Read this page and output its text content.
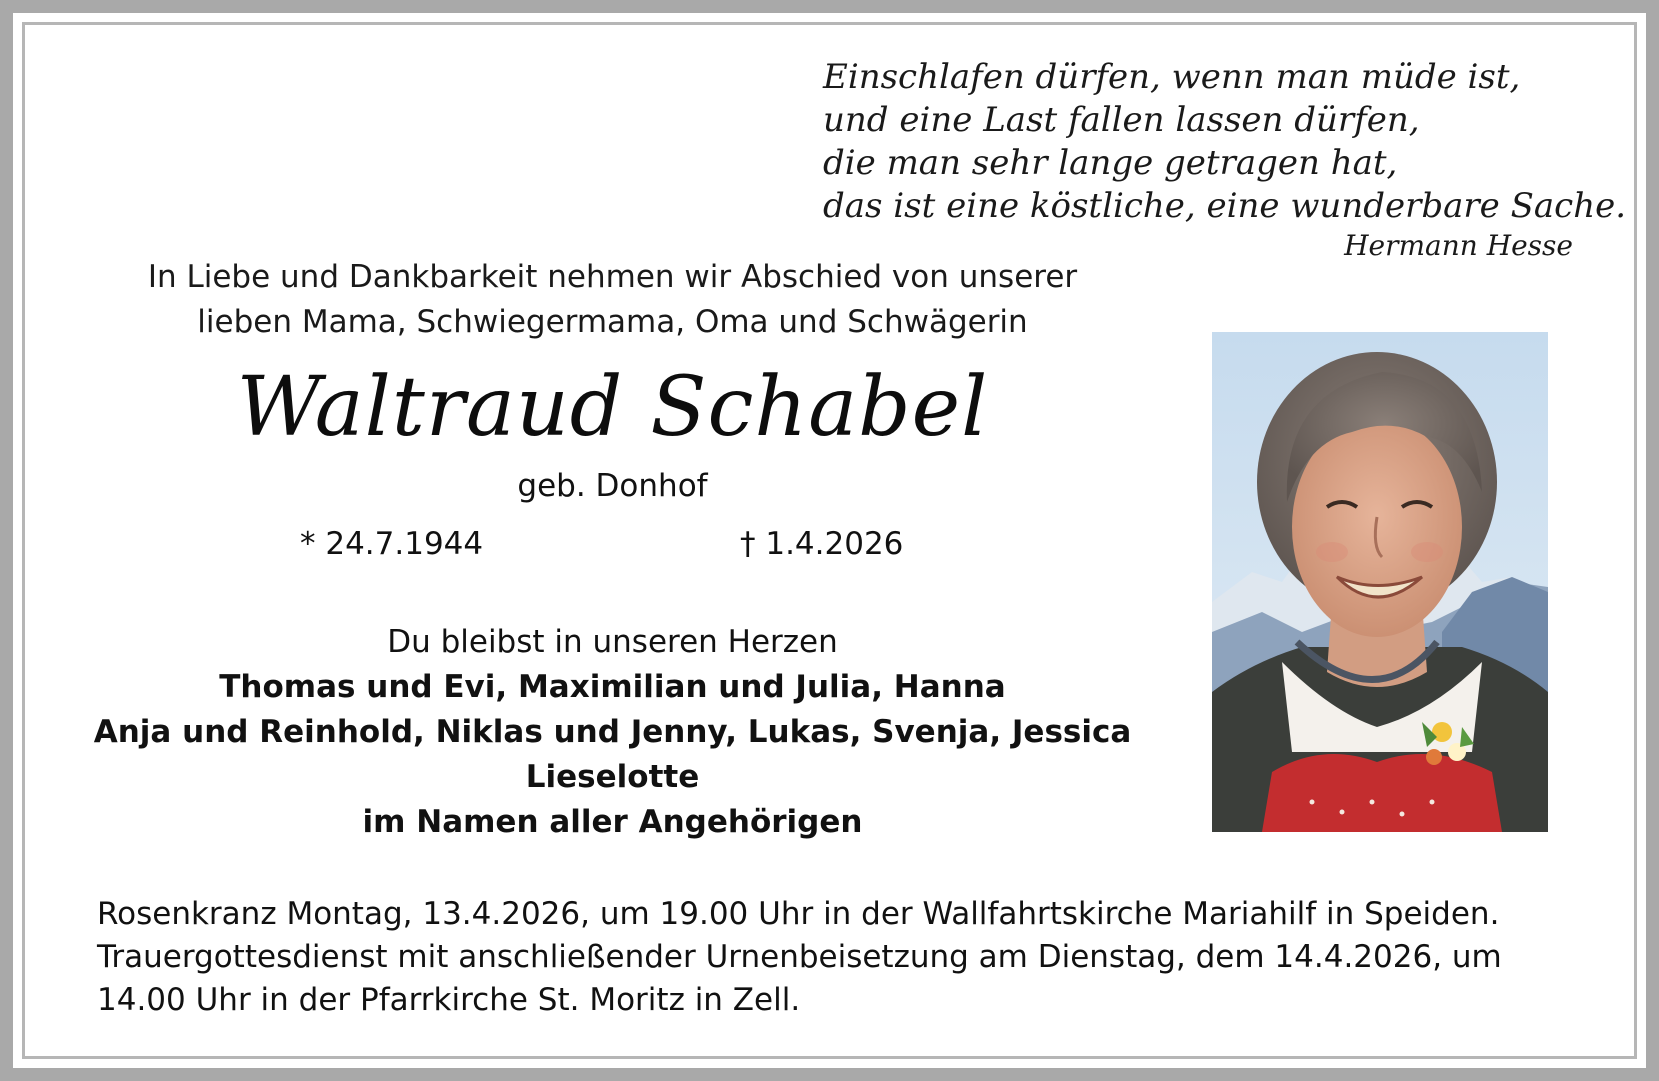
Einschlafen dürfen, wenn man müde ist,
und eine Last fallen lassen dürfen,
die man sehr lange getragen hat,
das ist eine köstliche, eine wunderbare Sache.
Hermann Hesse
In Liebe und Dankbarkeit nehmen wir Abschied von unserer
lieben Mama, Schwiegermama, Oma und Schwägerin
Waltraud Schabel
geb. Donhof
* 24.7.1944	† 1.4.2026
Du bleibst in unseren Herzen
Thomas und Evi, Maximilian und Julia, Hanna
Anja und Reinhold, Niklas und Jenny, Lukas, Svenja, Jessica
Lieselotte
im Namen aller Angehörigen
Rosenkranz Montag, 13.4.2026, um 19.00 Uhr in der Wallfahrtskirche Mariahilf in Speiden.
Trauergottesdienst mit anschließender Urnenbeisetzung am Dienstag, dem 14.4.2026, um
14.00 Uhr in der Pfarrkirche St. Moritz in Zell.
